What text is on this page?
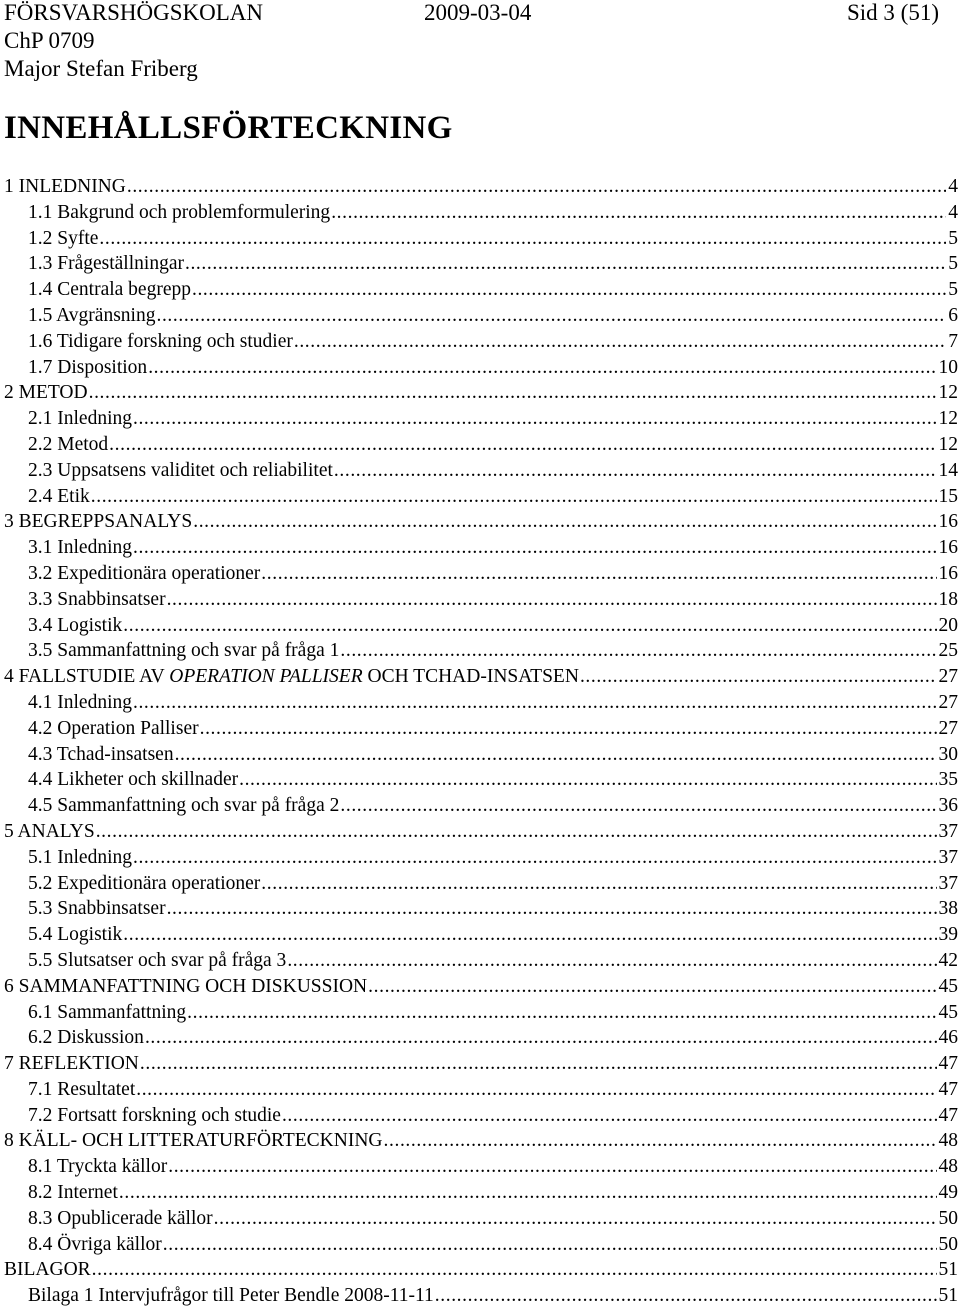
FÖRSVARSHÖGSKOLAN	2009-03-04	Sid 3 (51)
ChP 0709
Major Stefan Friberg
INNEHÅLLSFÖRTECKNING
1 INLEDNING .....	4
1.1 Bakgrund och problemformulering .....	4
1.2 Syfte .....	5
1.3 Frågeställningar .....	5
1.4 Centrala begrepp .....	5
1.5 Avgränsning .....	6
1.6 Tidigare forskning och studier .....	7
1.7 Disposition .....	10
2 METOD .....	12
2.1 Inledning .....	12
2.2 Metod .....	12
2.3 Uppsatsens validitet och reliabilitet .....	14
2.4 Etik .....	15
3 BEGREPPSANALYS .....	16
3.1 Inledning .....	16
3.2 Expeditionära operationer .....	16
3.3 Snabbinsatser .....	18
3.4 Logistik .....	20
3.5 Sammanfattning och svar på fråga 1 .....	25
4 FALLSTUDIE AV OPERATION PALLISER OCH TCHAD-INSATSEN .....	27
4.1 Inledning .....	27
4.2 Operation Palliser .....	27
4.3 Tchad-insatsen .....	30
4.4 Likheter och skillnader .....	35
4.5 Sammanfattning och svar på fråga 2 .....	36
5 ANALYS .....	37
5.1 Inledning .....	37
5.2 Expeditionära operationer .....	37
5.3 Snabbinsatser .....	38
5.4 Logistik .....	39
5.5 Slutsatser och svar på fråga 3 .....	42
6 SAMMANFATTNING OCH DISKUSSION .....	45
6.1 Sammanfattning .....	45
6.2 Diskussion .....	46
7 REFLEKTION .....	47
7.1 Resultatet .....	47
7.2 Fortsatt forskning och studie .....	47
8 KÄLL- OCH LITTERATURFÖRTECKNING .....	48
8.1 Tryckta källor .....	48
8.2 Internet .....	49
8.3 Opublicerade källor .....	50
8.4 Övriga källor .....	50
BILAGOR .....	51
Bilaga 1 Intervjufrågor till Peter Bendle 2008-11-11 .....	51
